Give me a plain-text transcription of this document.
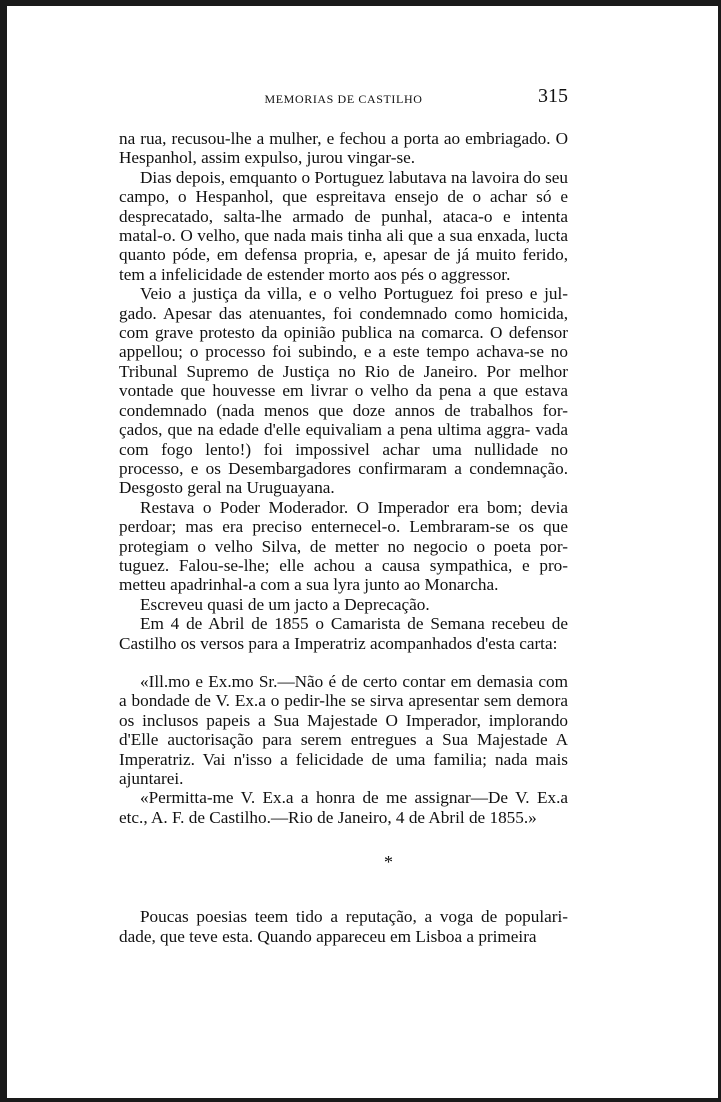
MEMORIAS DE CASTILHO	315

na rua, recusou-lhe a mulher, e fechou a porta ao embriagado. O Hespanhol, assim expulso, jurou vingar-se.

Dias depois, emquanto o Portuguez labutava na lavoira do seu campo, o Hespanhol, que espreitava ensejo de o achar só e desprecatado, salta-lhe armado de punhal, ataca-o e intenta matal-o. O velho, que nada mais tinha ali que a sua enxada, lucta quanto póde, em defensa propria, e, apesar de já muito ferido, tem a infelicidade de estender morto aos pés o aggressor.

Veio a justiça da villa, e o velho Portuguez foi preso e jul- gado. Apesar das atenuantes, foi condemnado como homicida, com grave protesto da opinião publica na comarca. O defensor appellou; o processo foi subindo, e a este tempo achava-se no Tribunal Supremo de Justiça no Rio de Janeiro. Por melhor vontade que houvesse em livrar o velho da pena a que estava condemnado (nada menos que doze annos de trabalhos for- çados, que na edade d'elle equivaliam a pena ultima aggra- vada com fogo lento!) foi impossivel achar uma nullidade no processo, e os Desembargadores confirmaram a condemnação. Desgosto geral na Uruguayana.

Restava o Poder Moderador. O Imperador era bom; devia perdoar; mas era preciso enternecel-o. Lembraram-se os que protegiam o velho Silva, de metter no negocio o poeta por- tuguez. Falou-se-lhe; elle achou a causa sympathica, e pro- metteu apadrinhal-a com a sua lyra junto ao Monarcha.

Escreveu quasi de um jacto a Deprecação.

Em 4 de Abril de 1855 o Camarista de Semana recebeu de Castilho os versos para a Imperatriz acompanhados d'esta carta:

«Ill.mo e Ex.mo Sr.—Não é de certo contar em demasia com a bondade de V. Ex.a o pedir-lhe se sirva apresentar sem demora os inclusos papeis a Sua Majestade O Imperador, implorando d'Elle auctorisação para serem entregues a Sua Majestade A Imperatriz. Vai n'isso a felicidade de uma familia; nada mais ajuntarei.

«Permitta-me V. Ex.a a honra de me assignar—De V. Ex.a etc., A. F. de Castilho.—Rio de Janeiro, 4 de Abril de 1855.»

*

Poucas poesias teem tido a reputação, a voga de populari- dade, que teve esta. Quando appareceu em Lisboa a primeira
